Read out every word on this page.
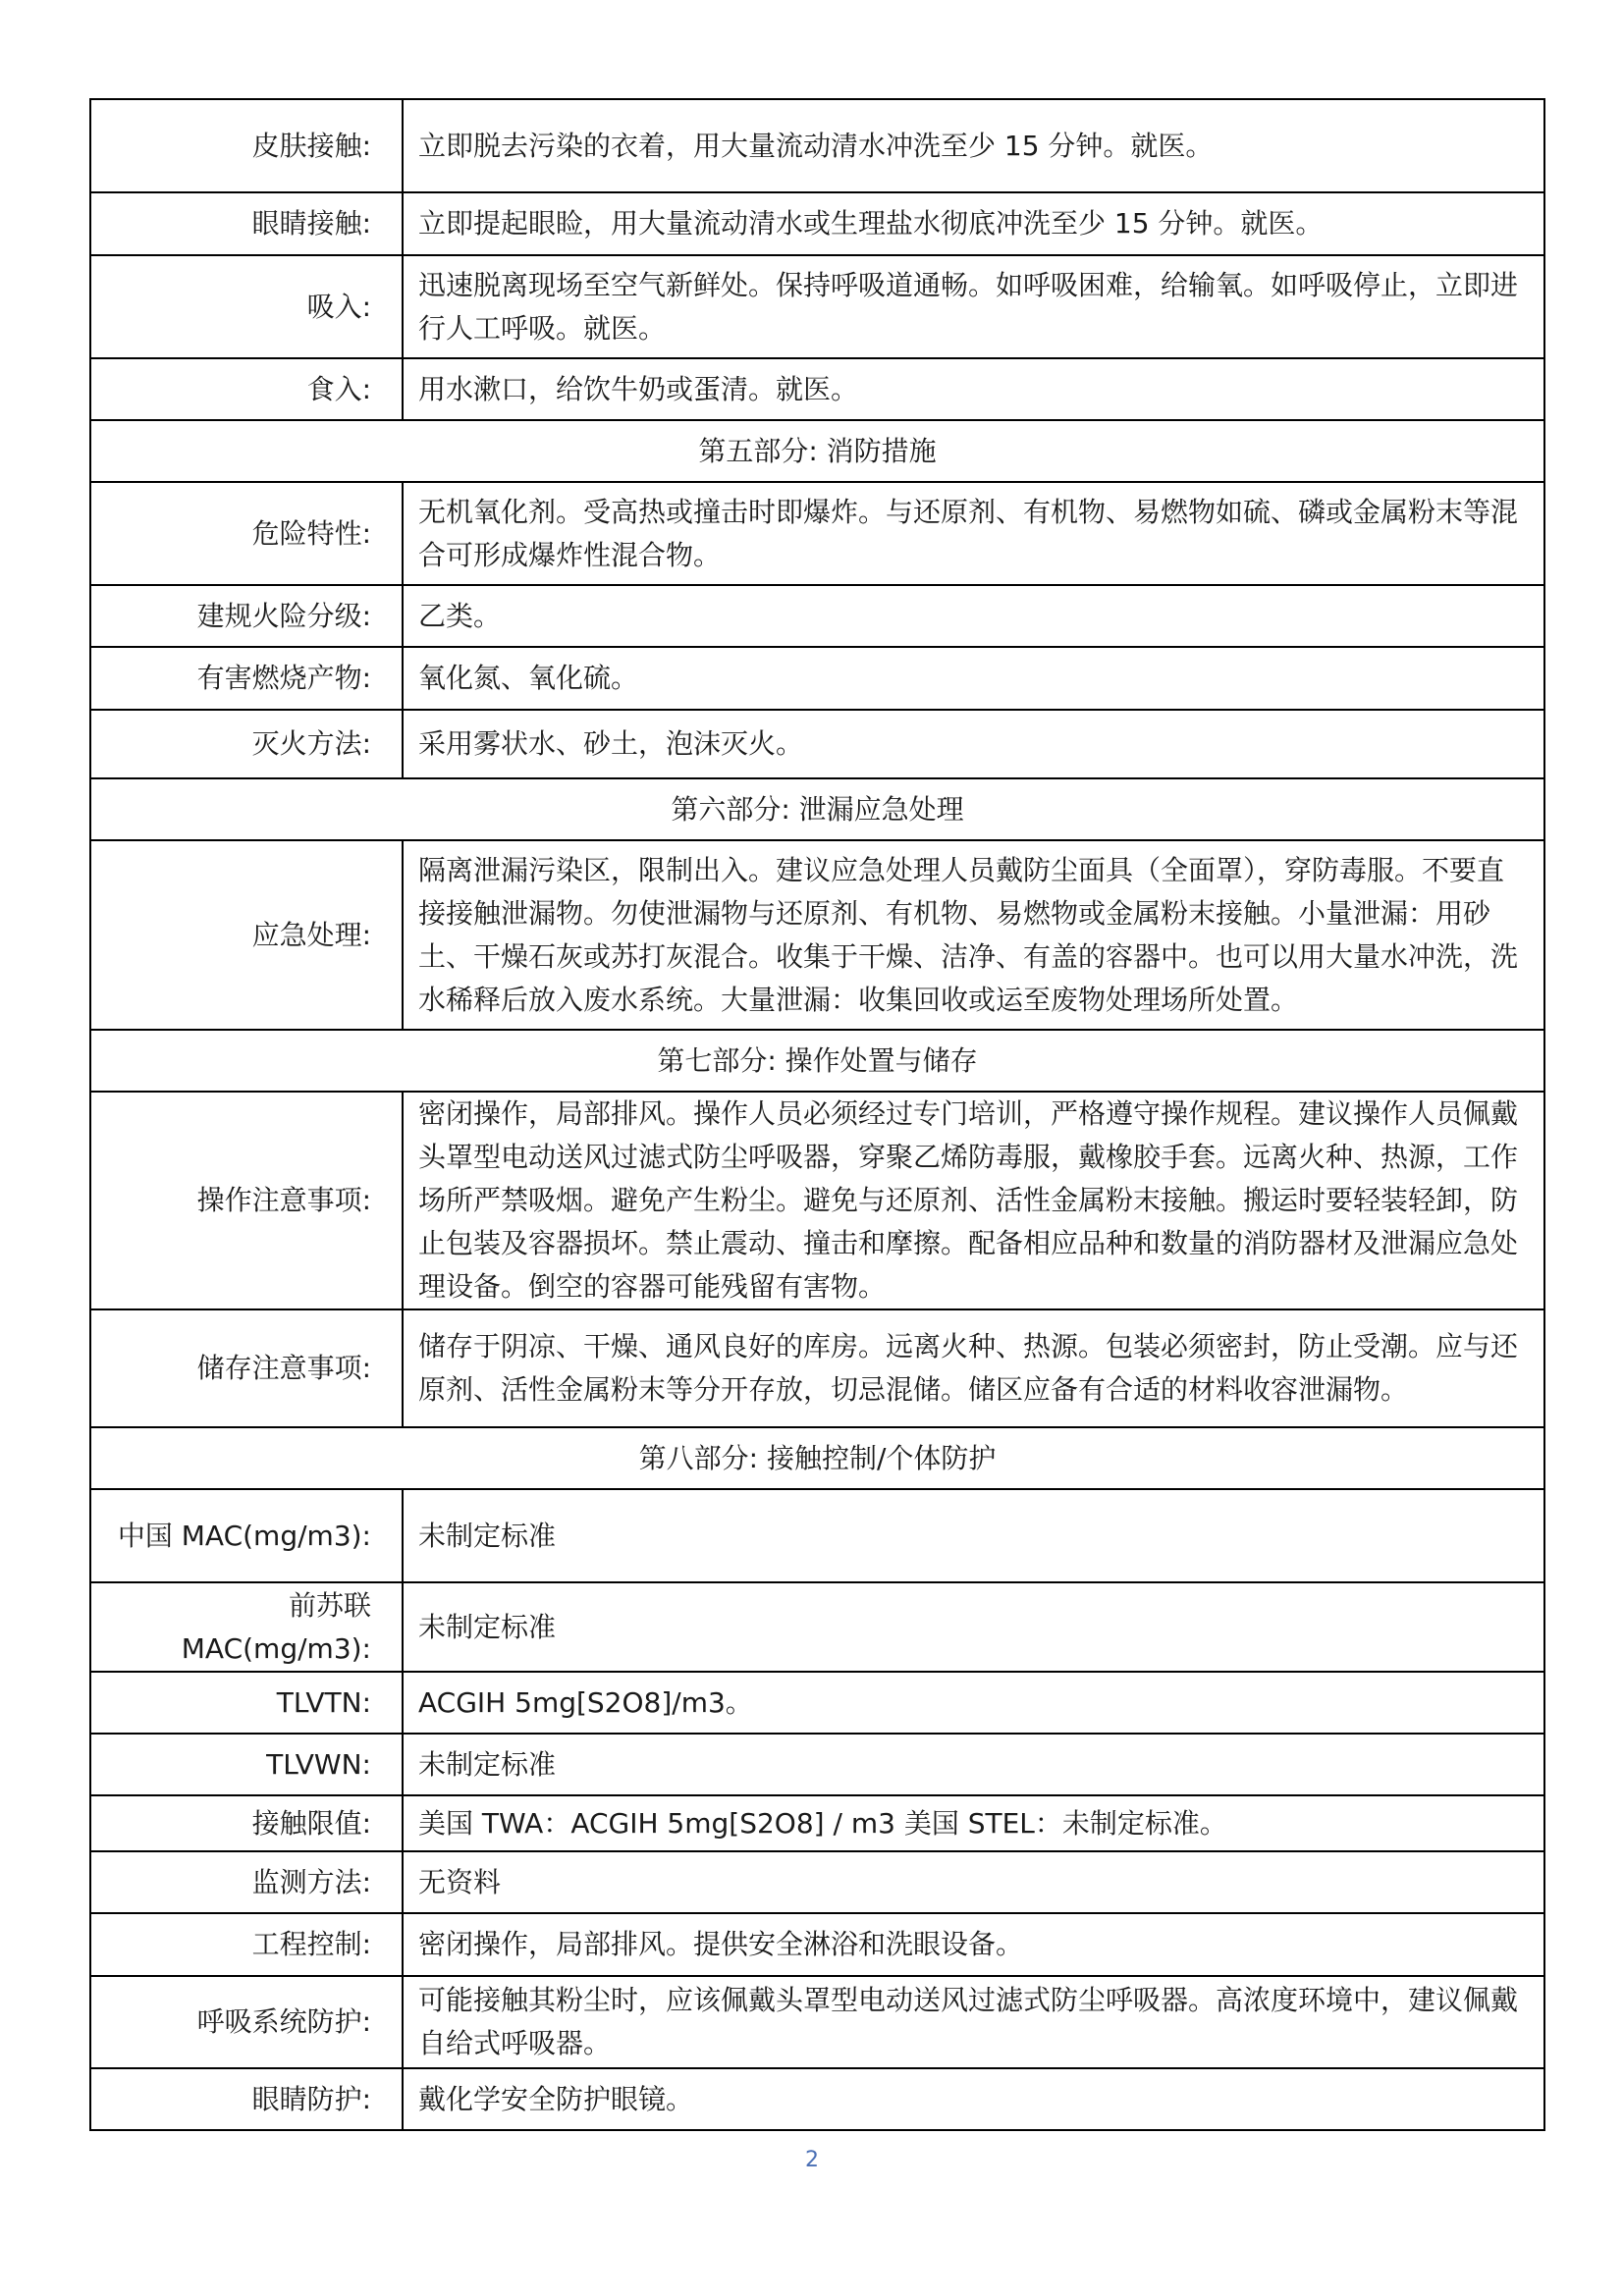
皮肤接触:	立即脱去污染的衣着，用大量流动清水冲洗至少 15 分钟。就医。
眼睛接触:	立即提起眼睑，用大量流动清水或生理盐水彻底冲洗至少 15 分钟。就医。
吸入:	迅速脱离现场至空气新鲜处。保持呼吸道通畅。如呼吸困难，给输氧。如呼吸停止，立即进行人工呼吸。就医。
食入:	用水漱口，给饮牛奶或蛋清。就医。
第五部分: 消防措施	
危险特性:	无机氧化剂。受高热或撞击时即爆炸。与还原剂、有机物、易燃物如硫、磷或金属粉末等混合可形成爆炸性混合物。
建规火险分级:	乙类。
有害燃烧产物:	氧化氮、氧化硫。
灭火方法:	采用雾状水、砂土，泡沫灭火。
第六部分: 泄漏应急处理	
应急处理:	隔离泄漏污染区，限制出入。建议应急处理人员戴防尘面具（全面罩），穿防毒服。不要直接接触泄漏物。勿使泄漏物与还原剂、有机物、易燃物或金属粉末接触。小量泄漏：用砂土、干燥石灰或苏打灰混合。收集于干燥、洁净、有盖的容器中。也可以用大量水冲洗，洗水稀释后放入废水系统。大量泄漏：收集回收或运至废物处理场所处置。
第七部分: 操作处置与储存	
操作注意事项:	密闭操作，局部排风。操作人员必须经过专门培训，严格遵守操作规程。建议操作人员佩戴头罩型电动送风过滤式防尘呼吸器，穿聚乙烯防毒服，戴橡胶手套。远离火种、热源，工作场所严禁吸烟。避免产生粉尘。避免与还原剂、活性金属粉末接触。搬运时要轻装轻卸，防止包装及容器损坏。禁止震动、撞击和摩擦。配备相应品种和数量的消防器材及泄漏应急处理设备。倒空的容器可能残留有害物。
储存注意事项:	储存于阴凉、干燥、通风良好的库房。远离火种、热源。包装必须密封，防止受潮。应与还原剂、活性金属粉末等分开存放，切忌混储。储区应备有合适的材料收容泄漏物。
第八部分: 接触控制/个体防护	
中国 MAC(mg/m3):	未制定标准
前苏联 MAC(mg/m3):	未制定标准
TLVTN:	ACGIH 5mg[S2O8]/m3。
TLVWN:	未制定标准
接触限值:	美国 TWA：ACGIH 5mg[S2O8] / m3 美国 STEL：未制定标准。
监测方法:	无资料
工程控制:	密闭操作，局部排风。提供安全淋浴和洗眼设备。
呼吸系统防护:	可能接触其粉尘时，应该佩戴头罩型电动送风过滤式防尘呼吸器。高浓度环境中，建议佩戴自给式呼吸器。
眼睛防护:	戴化学安全防护眼镜。
2
